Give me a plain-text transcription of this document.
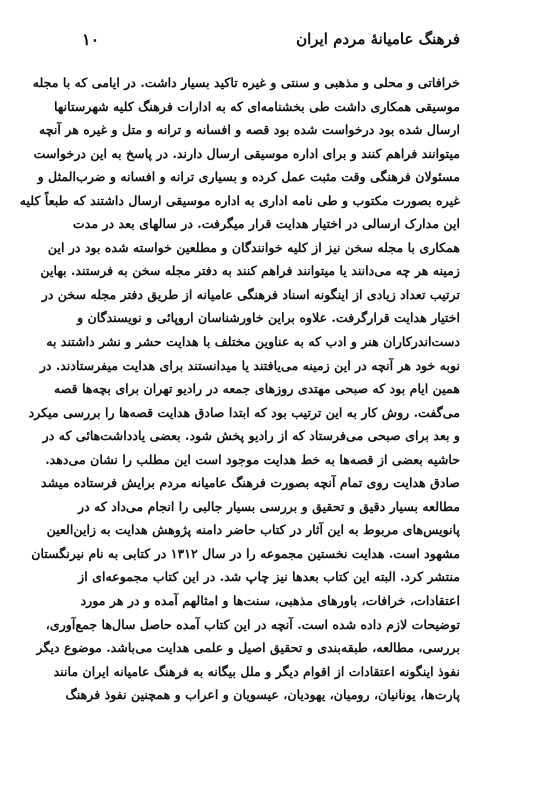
فرهنگ عامیانهٔ مردم ایران
۱۰
خرافاتی و محلی و مذهبی و سنتی و غیره تاکید بسیار داشت. در ایامی که با مجله
موسیقی همکاری داشت طی بخشنامه‌ای که به ادارات فرهنگ کلیه شهرستانها
ارسال شده بود درخواست شده بود قصه و افسانه و ترانه و متل و غیره هر آنچه
میتوانند فراهم کنند و برای اداره موسیقی ارسال دارند. در پاسخ به این درخواست
مسئولان فرهنگی وقت مثبت عمل کرده و بسیاری ترانه و افسانه و ضرب‌المثل و
غیره بصورت مکتوب و طی نامه اداری به اداره موسیقی ارسال داشتند که طبعاً کلیه
این مدارک ارسالی در اختیار هدایت قرار میگرفت. در سالهای بعد در مدت
همکاری با مجله سخن نیز از کلیه خوانندگان و مطلعین خواسته شده بود در این
زمینه هر چه می‌دانند یا میتوانند فراهم کنند به دفتر مجله سخن به فرستند. بهاین
ترتیب تعداد زیادی از اینگونه اسناد فرهنگی عامیانه از طریق دفتر مجله سخن در
اختیار هدایت قرارگرفت. علاوه براین خاورشناسان اروپائی و نویسندگان و
دست‌اندرکاران هنر و ادب که به عناوین مختلف با هدایت حشر و نشر داشتند به
نوبه خود هر آنچه در این زمینه می‌یافتند یا میدانستند برای هدایت میفرستادند. در
همین ایام بود که صبحی مهتدی روزهای جمعه در رادیو تهران برای بچه‌ها قصه
می‌گفت. روش کار به این ترتیب بود که ابتدا صادق هدایت قصه‌ها را بررسی میکرد
و بعد برای صبحی می‌فرستاد که از رادیو پخش شود. بعضی یادداشت‌هائی که در
حاشیه بعضی از قصه‌ها به خط هدایت موجود است این مطلب را نشان می‌دهد.
صادق هدایت روی تمام آنچه بصورت فرهنگ عامیانه مردم برایش فرستاده میشد
مطالعه بسیار دقیق و تحقیق و بررسی بسیار جالبی را انجام می‌داد که در
پانویس‌های مربوط به این آثار در کتاب حاضر دامنه پژوهش هدایت به زاین‌العین
مشهود است. هدایت نخستین مجموعه را در سال ۱۳۱۲ در کتابی به نام نیرنگستان
منتشر کرد. البته این کتاب بعدها نیز چاپ شد. در این کتاب مجموعه‌ای از
اعتقادات، خرافات، باورهای مذهبی، سنت‌ها و امثالهم آمده و در هر مورد
توضیحات لازم داده شده است. آنچه در این کتاب آمده حاصل سال‌ها جمع‌آوری،
بررسی، مطالعه، طبقه‌بندی و تحقیق اصیل و علمی هدایت می‌باشد. موضوع دیگر
نفوذ اینگونه اعتقادات از اقوام دیگر و ملل بیگانه به فرهنگ عامیانه ایران مانند
پارت‌ها، یونانیان، رومیان، یهودیان، عیسویان و اعراب و همچنین نفوذ فرهنگ
